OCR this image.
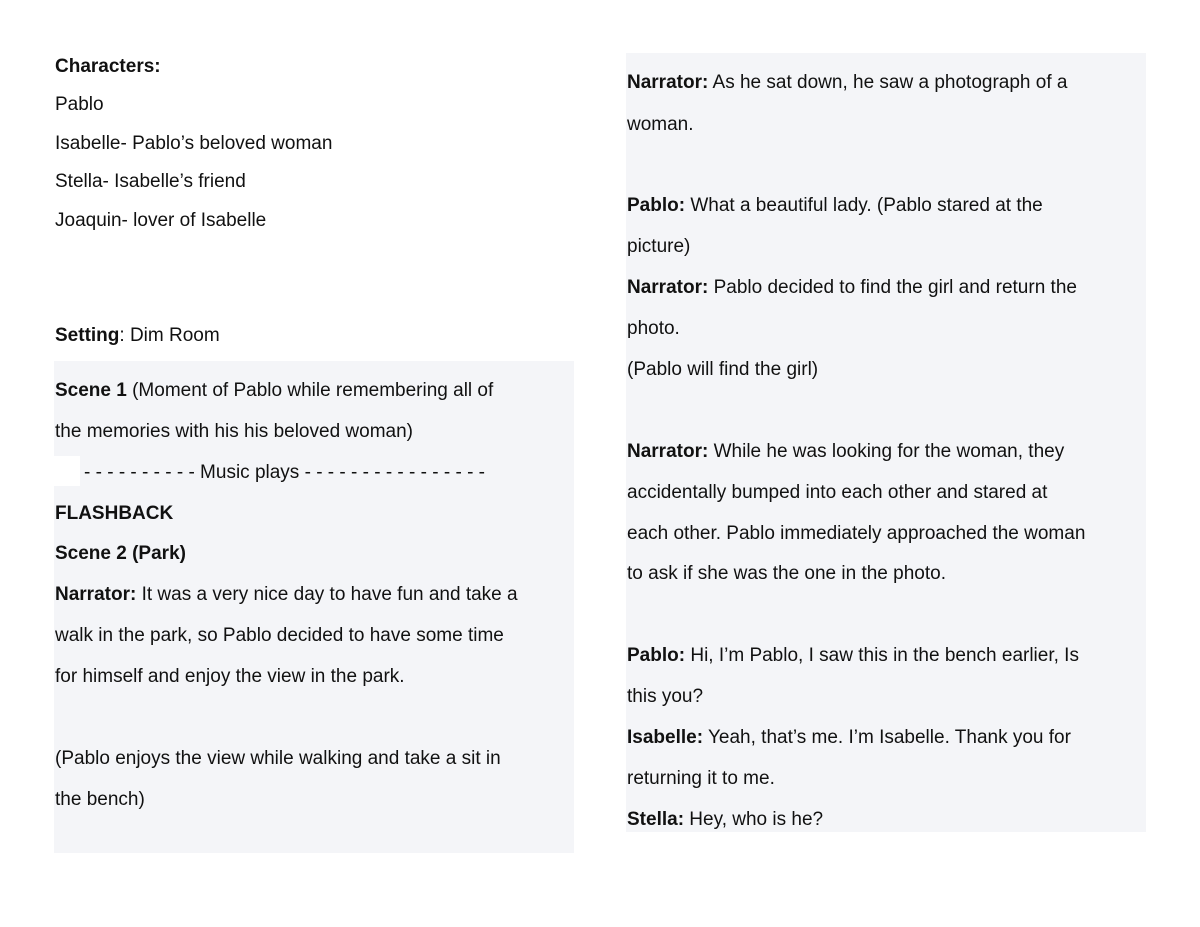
Characters:
Pablo
Isabelle- Pablo’s beloved woman
Stella- Isabelle’s friend
Joaquin- lover of Isabelle
Setting: Dim Room
Scene 1 (Moment of Pablo while remembering all of
the memories with his his beloved woman)
- - - - - - - - - - Music plays - - - - - - - - - - - - - - - -
FLASHBACK
Scene 2 (Park)
Narrator: It was a very nice day to have fun and take a
walk in the park, so Pablo decided to have some time
for himself and enjoy the view in the park.
(Pablo enjoys the view while walking and take a sit in
the bench)
Narrator: As he sat down, he saw a photograph of a
woman.
Pablo: What a beautiful lady. (Pablo stared at the
picture)
Narrator: Pablo decided to find the girl and return the
photo.
(Pablo will find the girl)
Narrator: While he was looking for the woman, they
accidentally bumped into each other and stared at
each other. Pablo immediately approached the woman
to ask if she was the one in the photo.
Pablo: Hi, I’m Pablo, I saw this in the bench earlier, Is
this you?
Isabelle: Yeah, that’s me. I’m Isabelle. Thank you for
returning it to me.
Stella: Hey, who is he?
